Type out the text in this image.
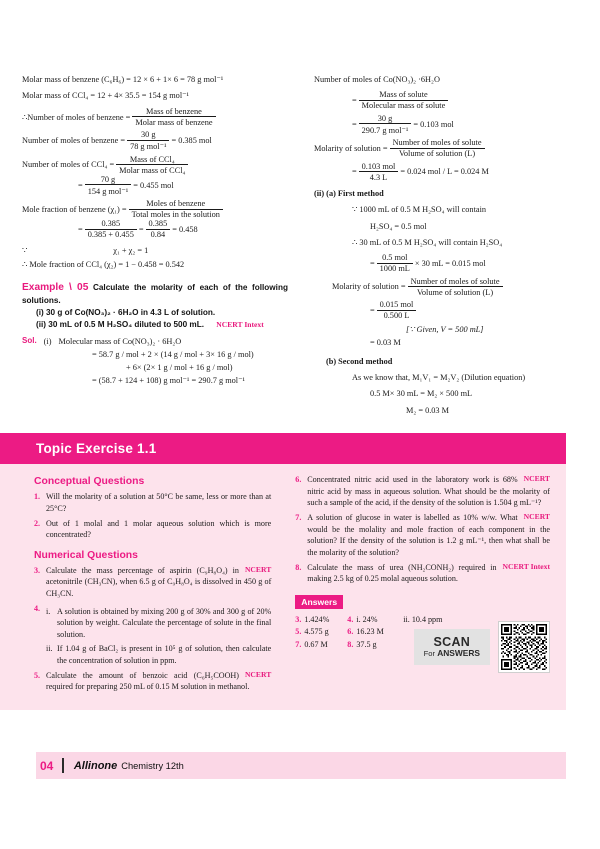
Molar mass of benzene (C₆H₆) = 12 × 6 + 1× 6 = 78 g mol⁻¹
Molar mass of CCl₄ = 12 + 4× 35.5 = 154 g mol⁻¹
∴Number of moles of benzene = $\frac{\text{Mass of benzene}}{\text{Molar mass of benzene}}$
Number of moles of benzene = $\frac{30 g}{\text{78 g mol⁻¹}} = 0.385$ mol
Number of moles of $CCl_4 = \frac{\text{Mass of CCl₄}}{\text{Molar mass of CCl₄}}$
= $\frac{70 g}{\text{154 g mol⁻¹}} = 0.455$ mol
Mole fraction of benzene $(\chi_1) = \frac{\text{Moles of benzene}}{\text{Total moles in the solution}}$
= $\frac{0.385}{0.385 + 0.455} = \frac{0.385}{0.84} = 0.458$
∵	χ₁ + χ₂ = 1
∴ Mole fraction of CCl₄ (χ₂) = 1 − 0.458 = 0.542
Example \ 05 Calculate the molarity of each of the following solutions.
(i) 30 g of Co(NO₃)₂ · 6H₂O in 4.3 L of solution.
(ii) 30 mL of 0.5 M H₂SO₄ diluted to 500 mL. NCERT Intext
Sol. (i) Molecular mass of Co(NO₃)₂ · 6H₂O
= 58.7 g / mol + 2 × (14 g / mol + 3× 16 g / mol)
+ 6× (2× 1 g / mol + 16 g / mol)
= (58.7 + 124 + 108) g mol⁻¹ = 290.7 g mol⁻¹
Number of moles of Co(NO₃)₂ ·6H₂O
= $\frac{\text{Mass of solute}}{\text{Molecular mass of solute}}$
= $\frac{30 g}{\text{290.7 g mol⁻¹}} = 0.103$ mol
Molarity of solution = $\frac{\text{Number of moles of solute}}{\text{Volume of solution (L)}}$
= $\frac{\text{0.103 mol}}{4.3 L} = 0.024$ mol / L = 0.024 M
(ii) (a) First method
∵ 1000 mL of 0.5 M H₂SO₄ will contain
H₂SO₄ = 0.5 mol
∴ 30 mL of 0.5 M H₂SO₄ will contain H₂SO₄
= $\frac{\text{0.5 mol}}{1000 mL} \times 30$ mL = 0.015 mol
Molarity of solution = $\frac{\text{Number of moles of solute}}{\text{Volume of solution (L)}}$
= $\frac{\text{0.015 mol}}{0.500 L}$
[∵ Given, V = 500 mL]
= 0.03 M
(b) Second method
As we know that, M₁V₁ = M₂V₂ (Dilution equation)
0.5 M× 30 mL = M₂ × 500 mL
M₂ = 0.03 M
Topic Exercise 1.1
Conceptual Questions
1. Will the molarity of a solution at 50°C be same, less or more than at 25°C?
2. Out of 1 molal and 1 molar aqueous solution which is more concentrated?
Numerical Questions
3.	NCERT
Calculate the mass percentage of aspirin (C₉H₈O₄) in acetonitrile (CH₃CN), when 6.5 g of C₉H₈O₄ is dissolved in 450 g of CH₃CN.
4. i. A solution is obtained by mixing 200 g of 30% and 300 g of 20% solution by weight. Calculate the percentage of solute in the final solution.
ii. If 1.04 g of BaCl₂ is present in 10⁵ g of solution, then calculate the concentration of solution in ppm.
5.	NCERT
Calculate the amount of benzoic acid (C₆H₅COOH) required for preparing 250 mL of 0.15 M solution in methanol.
6.	NCERT
Concentrated nitric acid used in the laboratory work is 68% nitric acid by mass in aqueous solution. What should be the molarity of such a sample of the acid, if the density of the solution is 1.504 g mL⁻¹?
7.	NCERT
A solution of glucose in water is labelled as 10% w/w. What would be the molality and mole fraction of each component in the solution? If the density of the solution is 1.2 g mL⁻¹, then what shall be the molarity of the solution?
8.	NCERT Intext
Calculate the mass of urea (NH₂CONH₂) required in making 2.5 kg of 0.25 molal aqueous solution.
Answers
3. 1.424% 4. i. 24%	ii. 10.4 ppm
5. 4.575 g 6. 16.23 M
7. 0.67 M 8. 37.5 g	SCAN
For ANSWERS
04	Allinone Chemistry 12th
